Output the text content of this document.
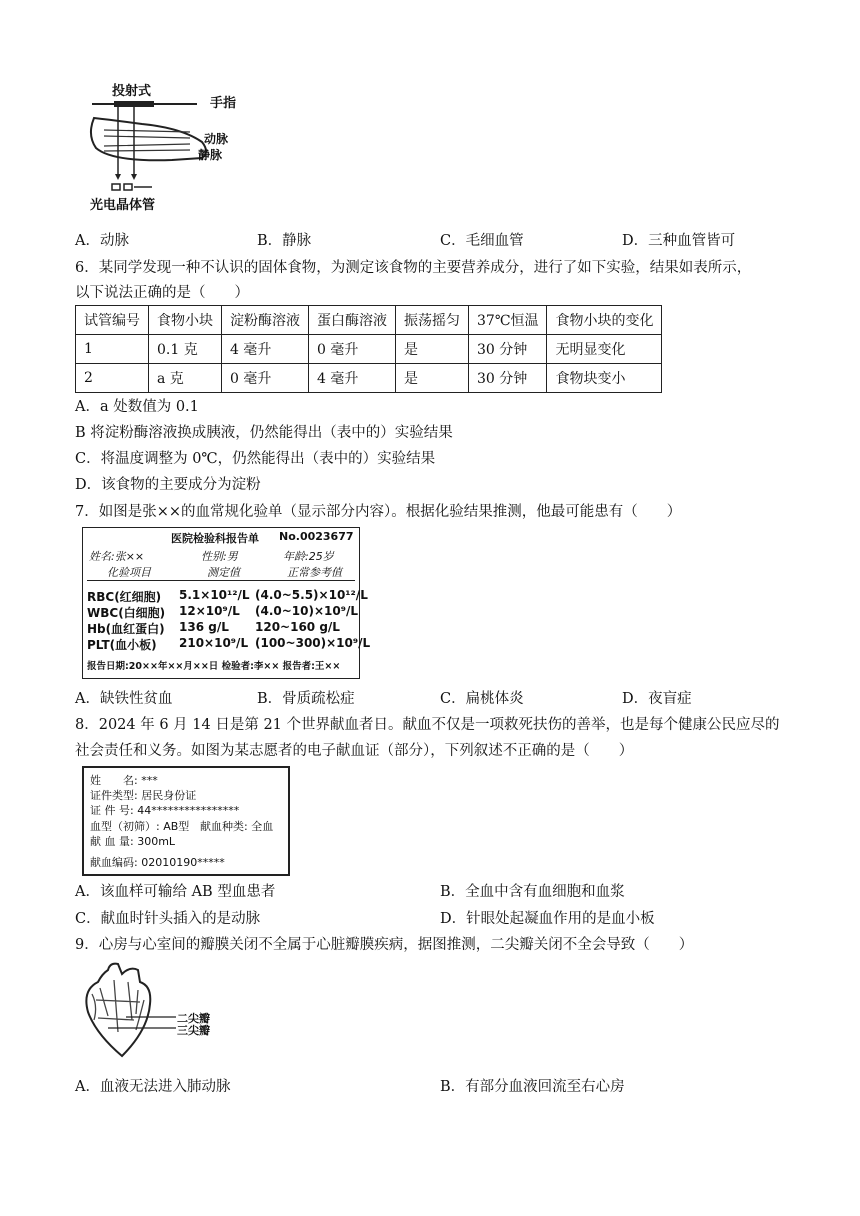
投射式
手指
动脉
静脉
光电晶体管
A．动脉	B．静脉	C．毛细血管	D．三种血管皆可
6．某同学发现一种不认识的固体食物，为测定该食物的主要营养成分，进行了如下实验，结果如表所示，
以下说法正确的是（　　）
试管编号	食物小块	淀粉酶溶液	蛋白酶溶液	振荡摇匀	37℃恒温	食物小块的变化
1	0.1 克	4 毫升	0 毫升	是	30 分钟	无明显变化
2	a 克	0 毫升	4 毫升	是	30 分钟	食物块变小
A．a 处数值为 0.1
B 将淀粉酶溶液换成胰液，仍然能得出（表中的）实验结果
C．将温度调整为 0℃，仍然能得出（表中的）实验结果
D．该食物的主要成分为淀粉
7．如图是张××的血常规化验单（显示部分内容）。根据化验结果推测，他最可能患有（　　）
医院检验科报告单 No.0023677
姓名:张××	性别:男	年龄:25岁
化验项目	测定值	正常参考值
RBC(红细胞) 5.1×10¹²/L (4.0~5.5)×10¹²/L
WBC(白细胞) 12×10⁹/L (4.0~10)×10⁹/L
Hb(血红蛋白) 136 g/L 120~160 g/L
PLT(血小板) 210×10⁹/L (100~300)×10⁹/L
报告日期:20××年××月××日 检验者:李×× 报告者:王××
A．缺铁性贫血	B．骨质疏松症	C．扁桃体炎	D．夜盲症
8．2024 年 6 月 14 日是第 21 个世界献血者日。献血不仅是一项救死扶伤的善举，也是每个健康公民应尽的
社会责任和义务。如图为某志愿者的电子献血证（部分），下列叙述不正确的是（　　）
姓　　名: ***
证件类型: 居民身份证
证 件 号: 44****************
血型（初筛）: AB型 献血种类: 全血
献 血 量: 300mL
献血编码: 02010190*****
A．该血样可输给 AB 型血患者	B．全血中含有血细胞和血浆
C．献血时针头插入的是动脉	D．针眼处起凝血作用的是血小板
9．心房与心室间的瓣膜关闭不全属于心脏瓣膜疾病，据图推测，二尖瓣关闭不全会导致（　　）
二尖瓣
三尖瓣
A．血液无法进入肺动脉	B．有部分血液回流至右心房
